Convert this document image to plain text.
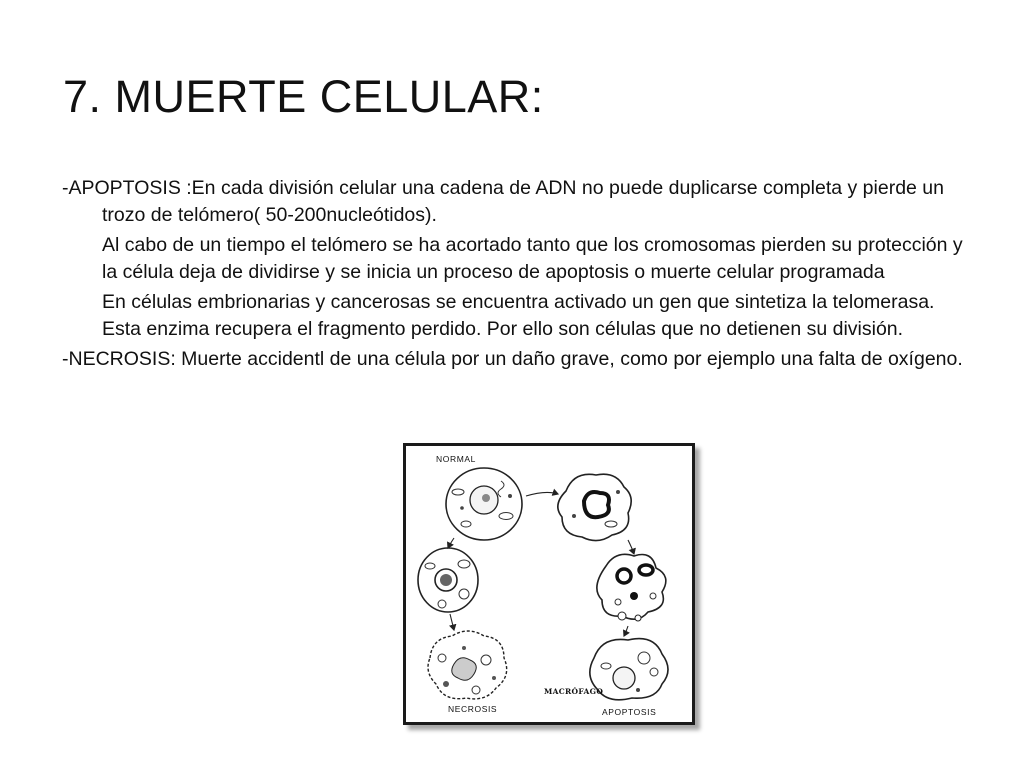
7. MUERTE CELULAR:

-APOPTOSIS :En cada división celular una cadena de ADN no puede duplicarse completa y pierde un trozo de telómero( 50-200nucleótidos).

Al cabo de un tiempo el telómero se ha acortado tanto que los cromosomas pierden su protección y la célula deja de dividirse y se inicia un proceso de apoptosis o muerte celular programada

En células embrionarias y cancerosas se encuentra activado un gen que sintetiza la telomerasa. Esta enzima recupera el fragmento perdido. Por ello son células que no detienen su división.

-NECROSIS: Muerte accidentl de una célula por un daño grave, como por ejemplo una falta de oxígeno.

NORMAL
MACRÓFAGO
NECROSIS	APOPTOSIS
